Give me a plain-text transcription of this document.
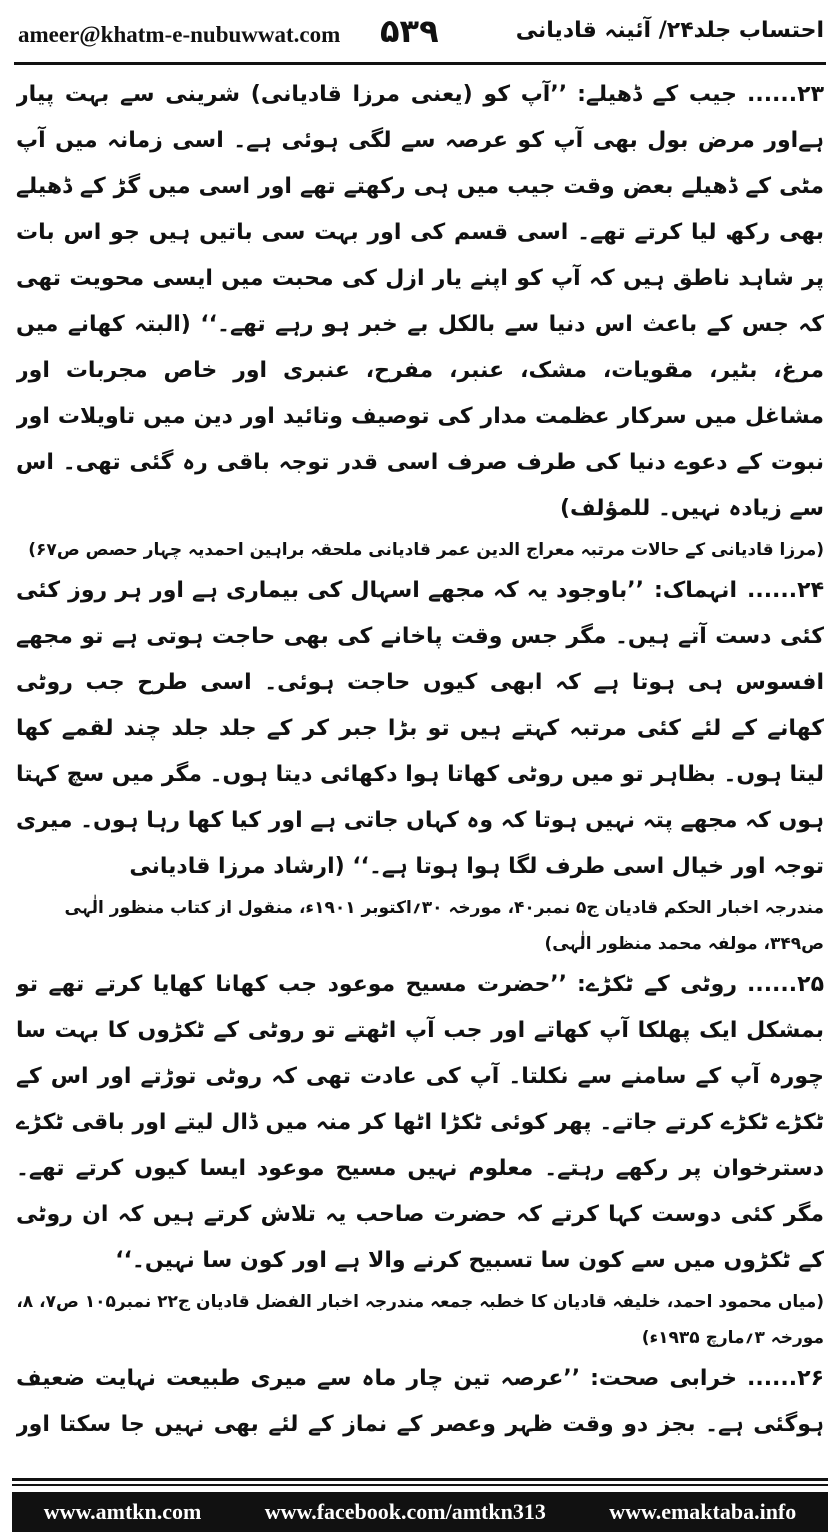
ameer@khatm-e-nubuwwat.com ۵۳۹	احتساب جلد۲۴/ آئینہ قادیانی

۲۳......جیب کے ڈھیلے:’’آپ کو (یعنی مرزا قادیانی) شرینی سے بہت پیار ہےاور مرض بول بھی آپ کو عرصہ سے لگی ہوئی ہے۔ اسی زمانہ میں آپ مٹی کے ڈھیلے بعض وقت جیب میں ہی رکھتے تھے اور اسی میں گڑ کے ڈھیلے بھی رکھ لیا کرتے تھے۔ اسی قسم کی اور بہت سی باتیں ہیں جو اس بات پر شاہد ناطق ہیں کہ آپ کو اپنے یار ازل کی محبت میں ایسی محویت تھی کہ جس کے باعث اس دنیا سے بالکل بے خبر ہو رہے تھے۔‘‘ (البتہ کھانے میں مرغ، بٹیر، مقویات، مشک، عنبر، مفرح، عنبری اور خاص مجربات اور مشاغل میں سرکار عظمت مدار کی توصیف وتائید اور دین میں تاویلات اور نبوت کے دعوے دنیا کی طرف صرف اسی قدر توجہ باقی رہ گئی تھی۔ اس سے زیادہ نہیں۔ للمؤلف)

(مرزا قادیانی کے حالات مرتبہ معراج الدین عمر قادیانی ملحقہ براہین احمدیہ چہار حصص ص۶۷)

۲۴......انہماک:’’باوجود یہ کہ مجھے اسہال کی بیماری ہے اور ہر روز کئی کئی دست آتے ہیں۔ مگر جس وقت پاخانے کی بھی حاجت ہوتی ہے تو مجھے افسوس ہی ہوتا ہے کہ ابھی کیوں حاجت ہوئی۔ اسی طرح جب روٹی کھانے کے لئے کئی مرتبہ کہتے ہیں تو بڑا جبر کر کے جلد جلد چند لقمے کھا لیتا ہوں۔ بظاہر تو میں روٹی کھاتا ہوا دکھائی دیتا ہوں۔ مگر میں سچ کہتا ہوں کہ مجھے پتہ نہیں ہوتا کہ وہ کہاں جاتی ہے اور کیا کھا رہا ہوں۔ میری توجہ اور خیال اسی طرف لگا ہوا ہوتا ہے۔‘‘ (ارشاد مرزا قادیانی

مندرجہ اخبار الحکم قادیان ج۵ نمبر۴۰، مورخہ ۳۰؍اکتوبر ۱۹۰۱ء، منقول از کتاب منظور الٰہی ص۳۴۹، مولفہ محمد منظور الٰہی)

۲۵......روٹی کے ٹکڑے:’’حضرت مسیح موعود جب کھانا کھایا کرتے تھے تو بمشکل ایک پھلکا آپ کھاتے اور جب آپ اٹھتے تو روٹی کے ٹکڑوں کا بہت سا چورہ آپ کے سامنے سے نکلتا۔ آپ کی عادت تھی کہ روٹی توڑتے اور اس کے ٹکڑے ٹکڑے کرتے جاتے۔ پھر کوئی ٹکڑا اٹھا کر منہ میں ڈال لیتے اور باقی ٹکڑے دسترخوان پر رکھے رہتے۔ معلوم نہیں مسیح موعود ایسا کیوں کرتے تھے۔ مگر کئی دوست کہا کرتے کہ حضرت صاحب یہ تلاش کرتے ہیں کہ ان روٹی کے ٹکڑوں میں سے کون سا تسبیح کرنے والا ہے اور کون سا نہیں۔‘‘

(میاں محمود احمد، خلیفہ قادیان کا خطبہ جمعہ مندرجہ اخبار الفضل قادیان ج۲۲ نمبر۱۰۵ ص۷، ۸، مورخہ ۳؍مارچ ۱۹۳۵ء)

۲۶......خرابی صحت:’’عرصہ تین چار ماہ سے میری طبیعت نہایت ضعیف ہوگئی ہے۔ بجز دو وقت ظہر وعصر کے نماز کے لئے بھی نہیں جا سکتا اور

www.amtkn.com	www.facebook.com/amtkn313	www.emaktaba.info
